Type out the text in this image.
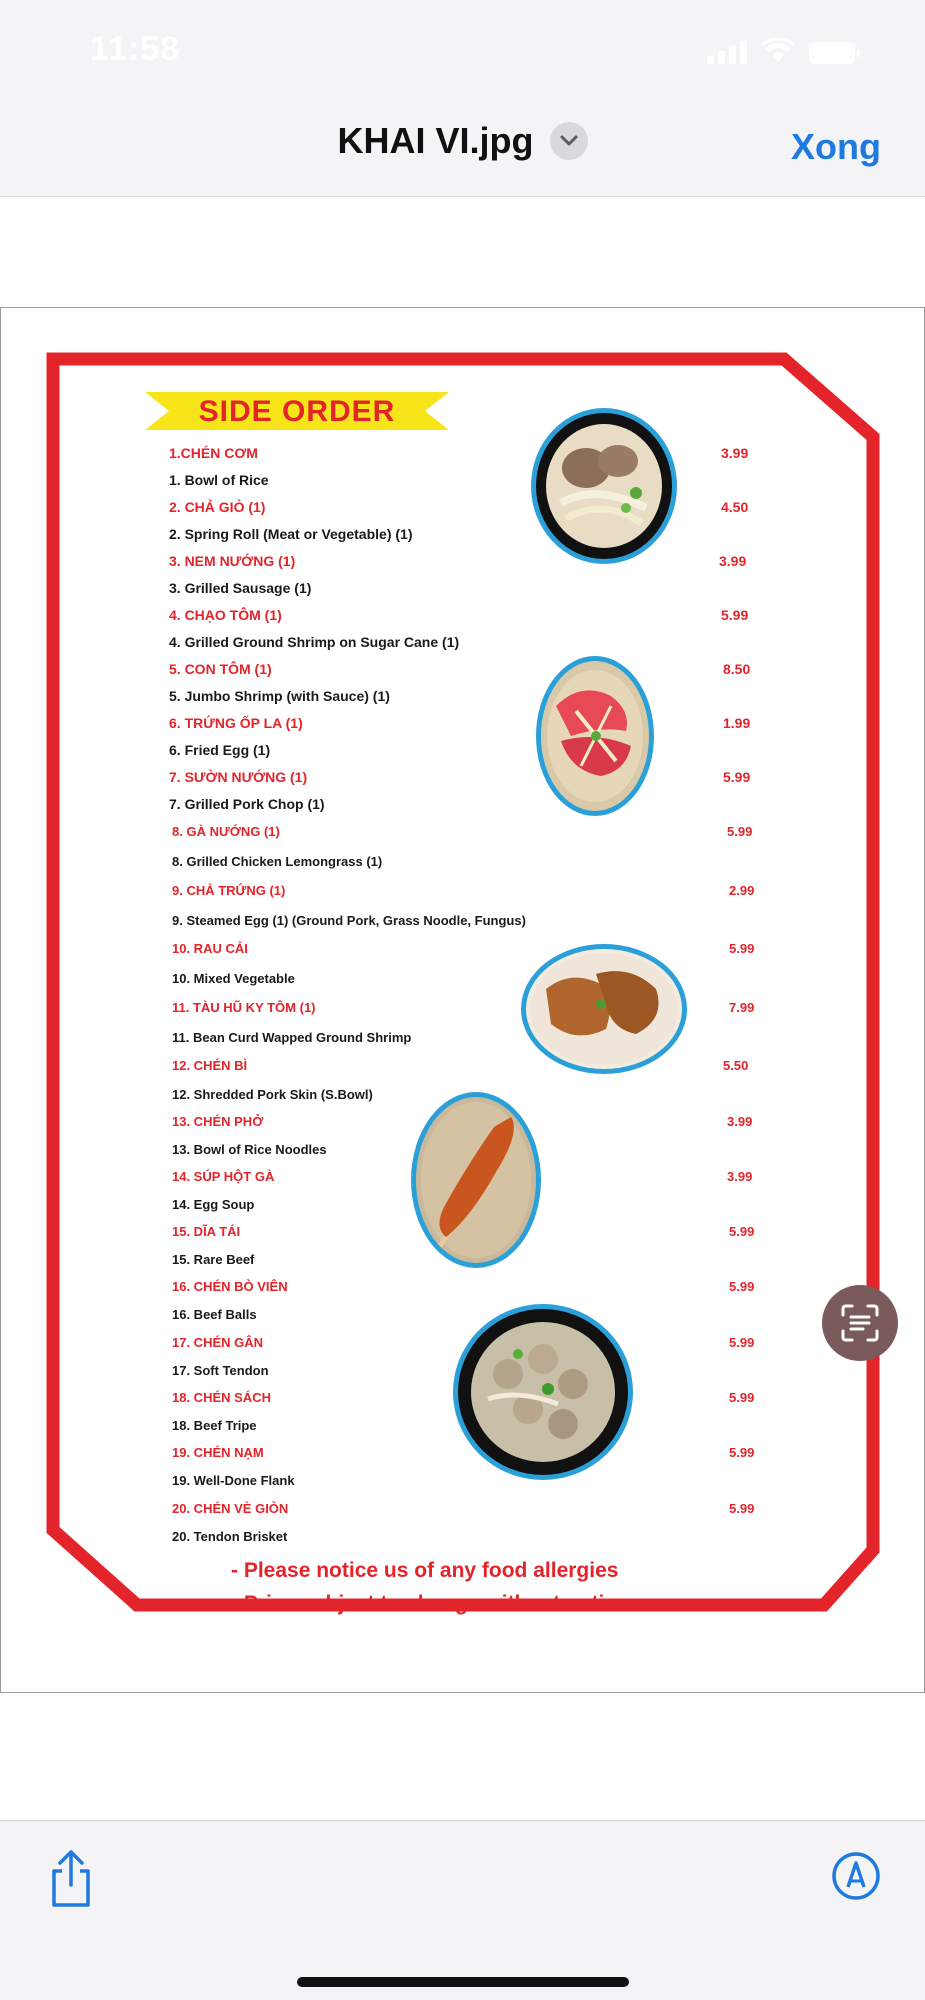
11:58
KHAI VI.jpg	Xong
SIDE ORDER
1.CHÉN CƠM
1. Bowl of Rice
3.99
2. CHẢ GIÒ (1)
2. Spring Roll (Meat or Vegetable) (1)
4.50
3. NEM NƯỚNG (1)
3. Grilled Sausage (1)
3.99
4. CHẠO TÔM (1)
4. Grilled Ground Shrimp on Sugar Cane (1)
5.99
5. CON TÔM (1)
5. Jumbo Shrimp (with Sauce) (1)
8.50
6. TRỨNG ỐP LA (1)
6. Fried Egg (1)
1.99
7. SƯỜN NƯỚNG (1)
7. Grilled Pork Chop (1)
5.99
8. GÀ NƯỚNG (1)
8. Grilled Chicken Lemongrass (1)
5.99
9. CHẢ TRỨNG (1)
9. Steamed Egg (1) (Ground Pork, Grass Noodle, Fungus)
2.99
10. RAU CẢI
10. Mixed Vegetable
5.99
11. TÀU HŨ KY TÔM (1)
11. Bean Curd Wapped Ground Shrimp
7.99
12. CHÉN BÌ
12. Shredded Pork Skin (S.Bowl)
5.50
13. CHÉN PHỞ
13. Bowl of Rice Noodles
3.99
14. SÚP HỘT GÀ
14. Egg Soup
3.99
15. DĨA TÁI
15. Rare Beef
5.99
16. CHÉN BÒ VIÊN
16. Beef Balls
5.99
17. CHÉN GÂN
17. Soft Tendon
5.99
18. CHÉN SÁCH
18. Beef Tripe
5.99
19. CHÉN NẠM
19. Well-Done Flank
5.99
20. CHÉN VÈ GIÒN
20. Tendon Brisket
5.99
- Please notice us of any food allergies
- Price subject to change without notice
